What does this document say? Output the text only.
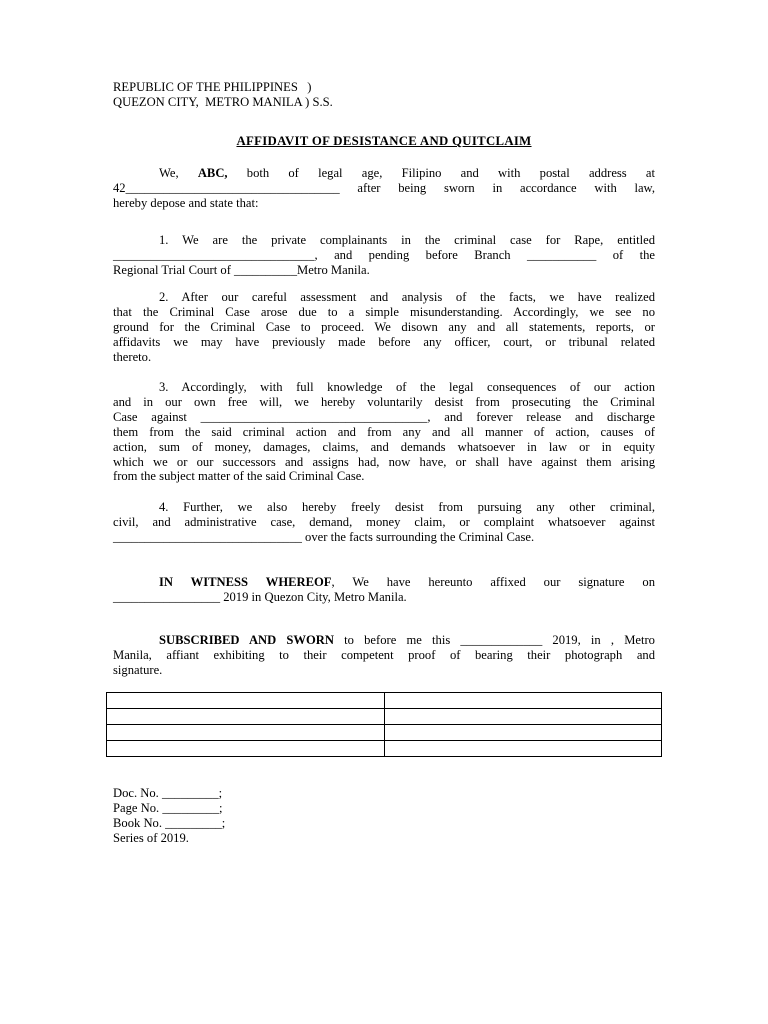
REPUBLIC OF THE PHILIPPINES   )
QUEZON CITY,  METRO MANILA ) S.S.
AFFIDAVIT OF DESISTANCE AND QUITCLAIM
We, ABC, both of legal age, Filipino and with postal address at
42__________________________________ after being sworn in accordance with law,
hereby depose and state that:
1. We are the private complainants in the criminal case for Rape, entitled
________________________________, and pending before Branch ___________ of the
Regional Trial Court of __________Metro Manila.
2. After our careful assessment and analysis of the facts, we have realized
that the Criminal Case arose due to a simple misunderstanding. Accordingly, we see no
ground for the Criminal Case to proceed. We disown any and all statements, reports, or
affidavits we may have previously made before any officer, court, or tribunal related
thereto.
3. Accordingly, with full knowledge of the legal consequences of our action
and in our own free will, we hereby voluntarily desist from prosecuting the Criminal
Case against ____________________________________, and forever release and discharge
them from the said criminal action and from any and all manner of action, causes of
action, sum of money, damages, claims, and demands whatsoever in law or in equity
which we or our successors and assigns had, now have, or shall have against them arising
from the subject matter of the said Criminal Case.
4. Further, we also hereby freely desist from pursuing any other criminal,
civil, and administrative case, demand, money claim, or complaint whatsoever against
______________________________ over the facts surrounding the Criminal Case.
IN WITNESS WHEREOF, We have hereunto affixed our signature on
_________________ 2019 in Quezon City, Metro Manila.
SUBSCRIBED AND SWORN to before me this _____________ 2019, in , Metro
Manila, affiant exhibiting to their competent proof of bearing their photograph and
signature.

Doc. No. _________;
Page No. _________;
Book No. _________;
Series of 2019.
